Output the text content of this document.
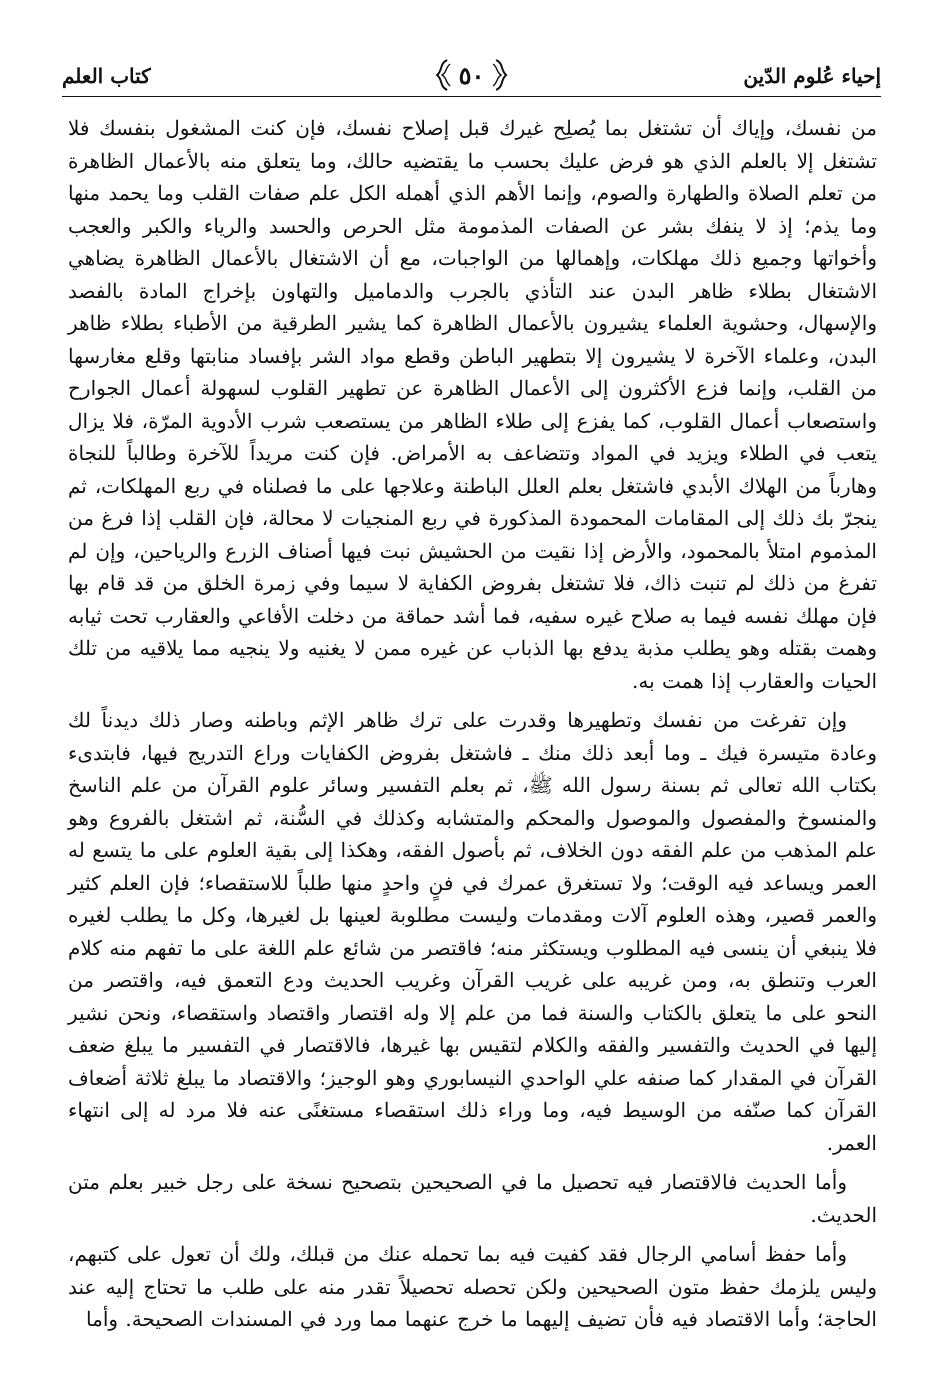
إحياء عُلوم الدّين
٥٠
كتاب العلم

من نفسك، وإياك أن تشتغل بما يُصلِح غيرك قبل إصلاح نفسك، فإن كنت المشغول بنفسك فلا تشتغل إلا بالعلم الذي هو فرض عليك بحسب ما يقتضيه حالك، وما يتعلق منه بالأعمال الظاهرة من تعلم الصلاة والطهارة والصوم، وإنما الأهم الذي أهمله الكل علم صفات القلب وما يحمد منها وما يذم؛ إذ لا ينفك بشر عن الصفات المذمومة مثل الحرص والحسد والرياء والكبر والعجب وأخواتها وجميع ذلك مهلكات، وإهمالها من الواجبات، مع أن الاشتغال بالأعمال الظاهرة يضاهي الاشتغال بطلاء ظاهر البدن عند التأذي بالجرب والدماميل والتهاون بإخراج المادة بالفصد والإسهال، وحشوية العلماء يشيرون بالأعمال الظاهرة كما يشير الطرقية من الأطباء بطلاء ظاهر البدن، وعلماء الآخرة لا يشيرون إلا بتطهير الباطن وقطع مواد الشر بإفساد منابتها وقلع مغارسها من القلب، وإنما فزع الأكثرون إلى الأعمال الظاهرة عن تطهير القلوب لسهولة أعمال الجوارح واستصعاب أعمال القلوب، كما يفزع إلى طلاء الظاهر من يستصعب شرب الأدوية المرّة، فلا يزال يتعب في الطلاء ويزيد في المواد وتتضاعف به الأمراض. فإن كنت مريداً للآخرة وطالباً للنجاة وهارباً من الهلاك الأبدي فاشتغل بعلم العلل الباطنة وعلاجها على ما فصلناه في ربع المهلكات، ثم ينجرّ بك ذلك إلى المقامات المحمودة المذكورة في ربع المنجيات لا محالة، فإن القلب إذا فرغ من المذموم امتلأ بالمحمود، والأرض إذا نقيت من الحشيش نبت فيها أصناف الزرع والرياحين، وإن لم تفرغ من ذلك لم تنبت ذاك، فلا تشتغل بفروض الكفاية لا سيما وفي زمرة الخلق من قد قام بها فإن مهلك نفسه فيما به صلاح غيره سفيه، فما أشد حماقة من دخلت الأفاعي والعقارب تحت ثيابه وهمت بقتله وهو يطلب مذبة يدفع بها الذباب عن غيره ممن لا يغنيه ولا ينجيه مما يلاقيه من تلك الحيات والعقارب إذا همت به.

وإن تفرغت من نفسك وتطهيرها وقدرت على ترك ظاهر الإثم وباطنه وصار ذلك ديدناً لك وعادة متيسرة فيك ـ وما أبعد ذلك منك ـ فاشتغل بفروض الكفايات وراع التدريج فيها، فابتدىء بكتاب الله تعالى ثم بسنة رسول الله ﷺ، ثم بعلم التفسير وسائر علوم القرآن من علم الناسخ والمنسوخ والمفصول والموصول والمحكم والمتشابه وكذلك في السُّنة، ثم اشتغل بالفروع وهو علم المذهب من علم الفقه دون الخلاف، ثم بأصول الفقه، وهكذا إلى بقية العلوم على ما يتسع له العمر ويساعد فيه الوقت؛ ولا تستغرق عمرك في فنٍ واحدٍ منها طلباً للاستقصاء؛ فإن العلم كثير والعمر قصير، وهذه العلوم آلات ومقدمات وليست مطلوبة لعينها بل لغيرها، وكل ما يطلب لغيره فلا ينبغي أن ينسى فيه المطلوب ويستكثر منه؛ فاقتصر من شائع علم اللغة على ما تفهم منه كلام العرب وتنطق به، ومن غريبه على غريب القرآن وغريب الحديث ودع التعمق فيه، واقتصر من النحو على ما يتعلق بالكتاب والسنة فما من علم إلا وله اقتصار واقتصاد واستقصاء، ونحن نشير إليها في الحديث والتفسير والفقه والكلام لتقيس بها غيرها، فالاقتصار في التفسير ما يبلغ ضعف القرآن في المقدار كما صنفه علي الواحدي النيسابوري وهو الوجيز؛ والاقتصاد ما يبلغ ثلاثة أضعاف القرآن كما صنّفه من الوسيط فيه، وما وراء ذلك استقصاء مستغنًى عنه فلا مرد له إلى انتهاء العمر.

وأما الحديث فالاقتصار فيه تحصيل ما في الصحيحين بتصحيح نسخة على رجل خبير بعلم متن الحديث.

وأما حفظ أسامي الرجال فقد كفيت فيه بما تحمله عنك من قبلك، ولك أن تعول على كتبهم، وليس يلزمك حفظ متون الصحيحين ولكن تحصله تحصيلاً تقدر منه على طلب ما تحتاج إليه عند الحاجة؛ وأما الاقتصاد فيه فأن تضيف إليهما ما خرج عنهما مما ورد في المسندات الصحيحة. وأما
